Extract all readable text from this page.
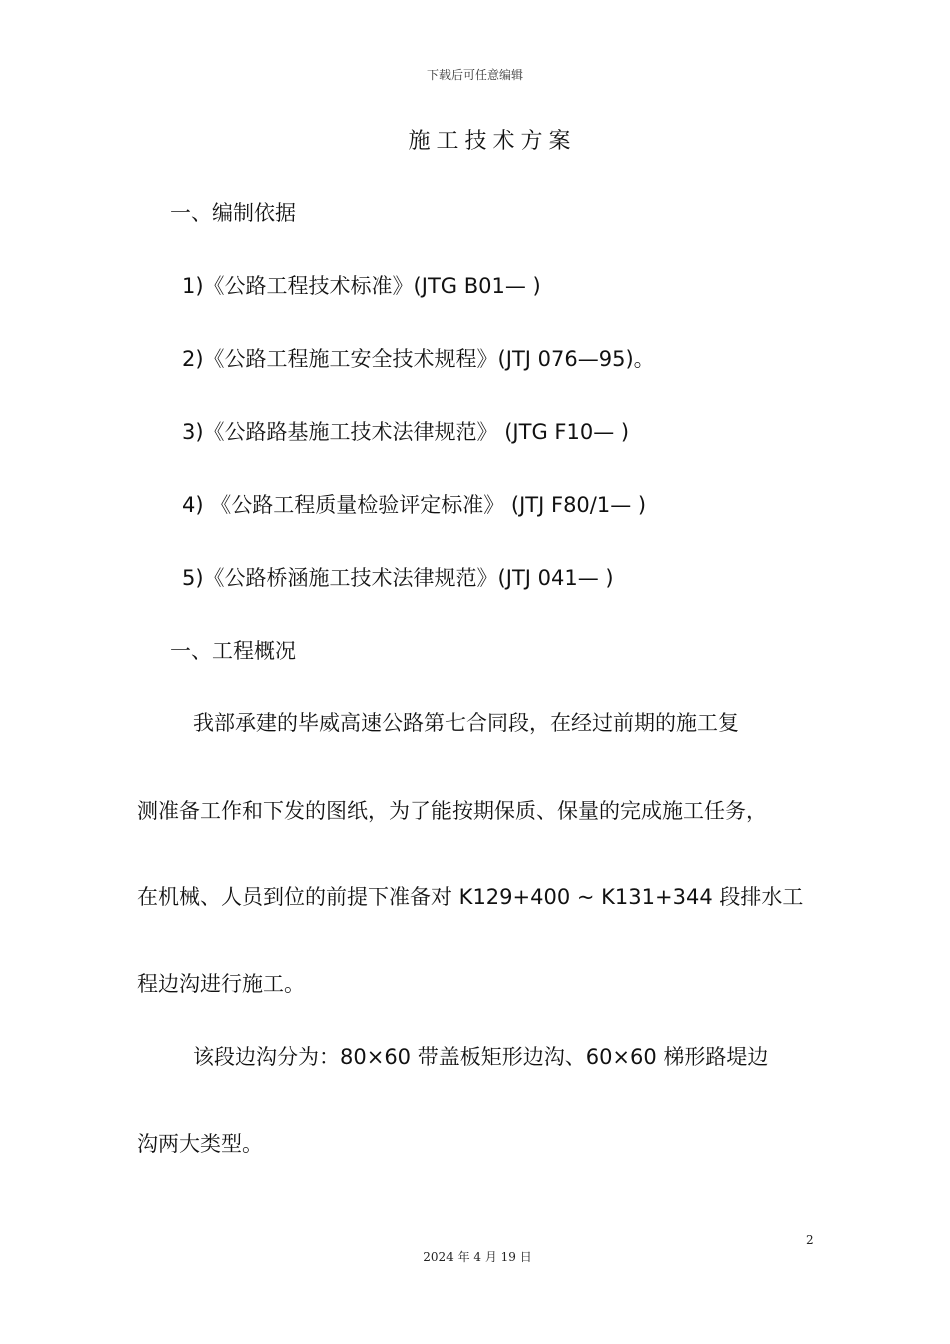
下载后可任意编辑
施工技术方案
一、编制依据
1)《公路工程技术标准》(JTG B01— )
2)《公路工程施工安全技术规程》(JTJ 076—95)。
3)《公路路基施工技术法律规范》 (JTG F10— )
4) 《公路工程质量检验评定标准》 (JTJ F80/1— )
5)《公路桥涵施工技术法律规范》(JTJ 041— )
一、工程概况
我部承建的毕威高速公路第七合同段，在经过前期的施工复
测准备工作和下发的图纸，为了能按期保质、保量的完成施工任务，
在机械、人员到位的前提下准备对 K129+400 ~ K131+344 段排水工
程边沟进行施工。
该段边沟分为：80×60 带盖板矩形边沟、60×60 梯形路堤边
沟两大类型。
2
2024 年 4 月 19 日
